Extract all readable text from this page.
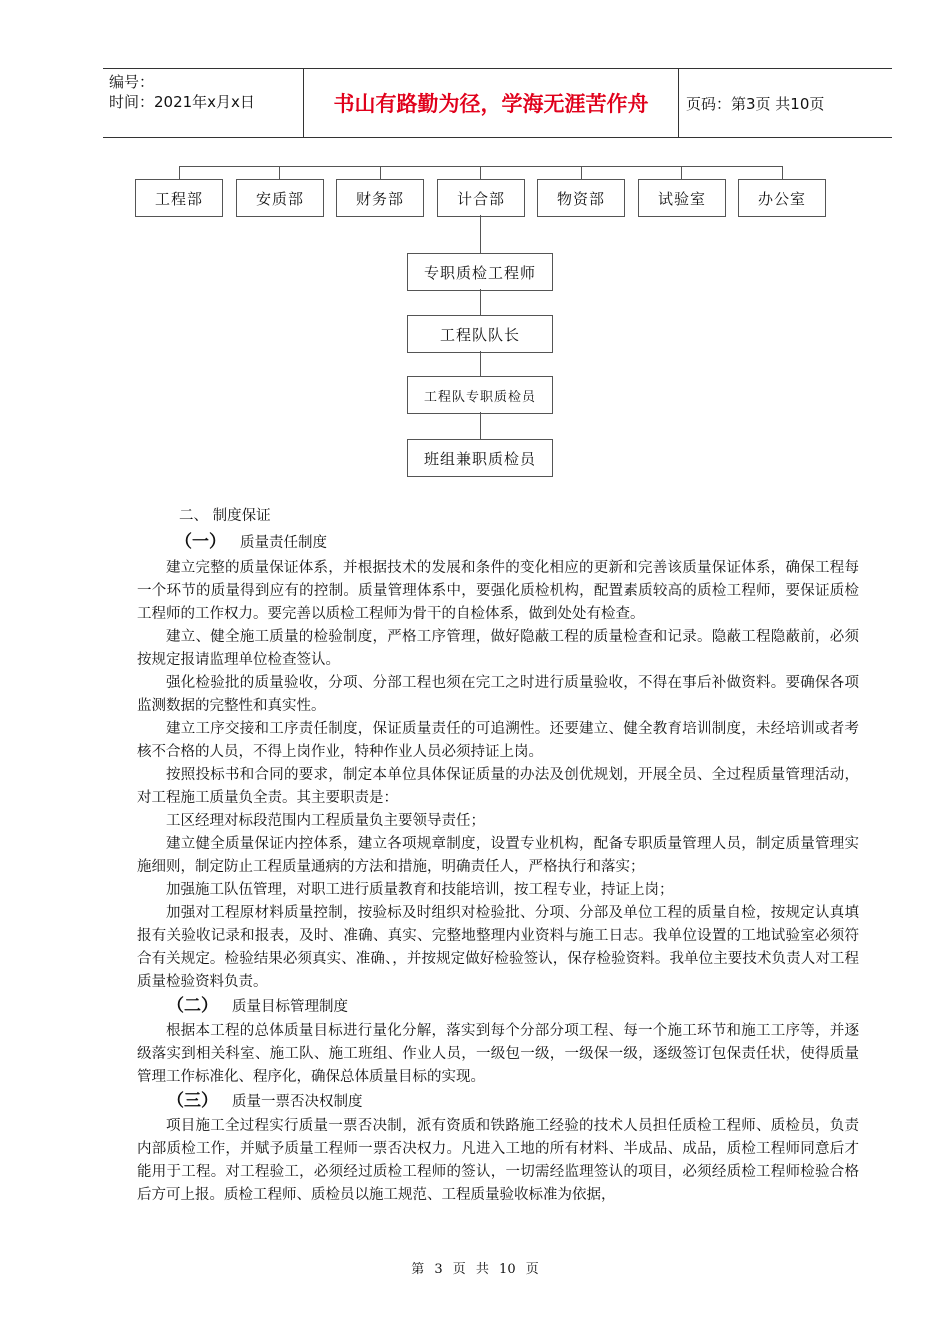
编号：
时间：2021年x月x日	书山有路勤为径，学海无涯苦作舟	页码：第3页 共10页
工程部	安质部	财务部	计合部	物资部	试验室	办公室
专职质检工程师
工程队队长
工程队专职质检员
班组兼职质检员
二、 制度保证
（一） 质量责任制度

建立完整的质量保证体系，并根据技术的发展和条件的变化相应的更新和完善该质量保证体系，确保工程每一个环节的质量得到应有的控制。质量管理体系中，要强化质检机构，配置素质较高的质检工程师，要保证质检工程师的工作权力。要完善以质检工程师为骨干的自检体系，做到处处有检查。

建立、健全施工质量的检验制度，严格工序管理，做好隐蔽工程的质量检查和记录。隐蔽工程隐蔽前，必须按规定报请监理单位检查签认。

强化检验批的质量验收，分项、分部工程也须在完工之时进行质量验收，不得在事后补做资料。要确保各项监测数据的完整性和真实性。

建立工序交接和工序责任制度，保证质量责任的可追溯性。还要建立、健全教育培训制度，未经培训或者考核不合格的人员，不得上岗作业，特种作业人员必须持证上岗。

按照投标书和合同的要求，制定本单位具体保证质量的办法及创优规划，开展全员、全过程质量管理活动，对工程施工质量负全责。其主要职责是：

工区经理对标段范围内工程质量负主要领导责任；

建立健全质量保证内控体系，建立各项规章制度，设置专业机构，配备专职质量管理人员，制定质量管理实施细则，制定防止工程质量通病的方法和措施，明确责任人，严格执行和落实；

加强施工队伍管理，对职工进行质量教育和技能培训，按工程专业，持证上岗；

加强对工程原材料质量控制，按验标及时组织对检验批、分项、分部及单位工程的质量自检，按规定认真填报有关验收记录和报表，及时、准确、真实、完整地整理内业资料与施工日志。我单位设置的工地试验室必须符合有关规定。检验结果必须真实、准确、，并按规定做好检验签认，保存检验资料。我单位主要技术负责人对工程质量检验资料负责。

（二） 质量目标管理制度

根据本工程的总体质量目标进行量化分解，落实到每个分部分项工程、每一个施工环节和施工工序等，并逐级落实到相关科室、施工队、施工班组、作业人员，一级包一级，一级保一级，逐级签订包保责任状，使得质量管理工作标准化、程序化，确保总体质量目标的实现。

（三） 质量一票否决权制度

项目施工全过程实行质量一票否决制，派有资质和铁路施工经验的技术人员担任质检工程师、质检员，负责内部质检工作，并赋予质量工程师一票否决权力。凡进入工地的所有材料、半成品、成品，质检工程师同意后才能用于工程。对工程验工，必须经过质检工程师的签认，一切需经监理签认的项目，必须经质检工程师检验合格后方可上报。质检工程师、质检员以施工规范、工程质量验收标准为依据，

第 3 页 共 10 页
